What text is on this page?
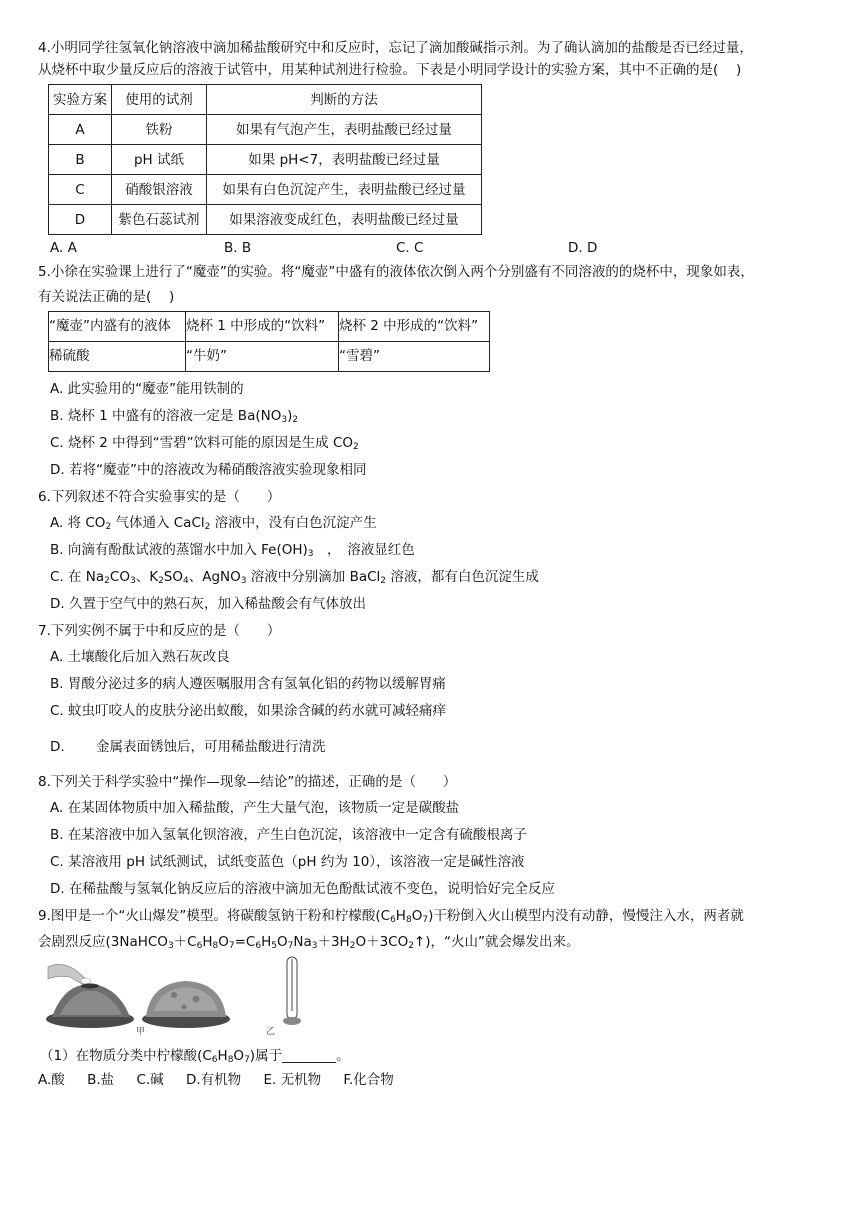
4.小明同学往氢氧化钠溶液中滴加稀盐酸研究中和反应时，忘记了滴加酸碱指示剂。为了确认滴加的盐酸是否已经过量，

从烧杯中取少量反应后的溶液于试管中，用某种试剂进行检验。下表是小明同学设计的实验方案，其中不正确的是(　 )

实验方案	使用的试剂	判断的方法
A	铁粉	如果有气泡产生，表明盐酸已经过量
B	pH 试纸	如果 pH<7，表明盐酸已经过量
C	硝酸银溶液	如果有白色沉淀产生，表明盐酸已经过量
D	紫色石蕊试剂	如果溶液变成红色，表明盐酸已经过量
A. A	B. B	C. C	D. D

5.小徐在实验课上进行了“魔壶”的实验。将“魔壶”中盛有的液体依次倒入两个分别盛有不同溶液的的烧杯中，现象如表，

有关说法正确的是(　 )

“魔壶”内盛有的液体	烧杯 1 中形成的“饮料”	烧杯 2 中形成的“饮料”
稀硫酸	“牛奶”	“雪碧”

A. 此实验用的“魔壶”能用铁制的

B. 烧杯 1 中盛有的溶液一定是 $Ba(NO_3)_2$

C. 烧杯 2 中得到“雪碧”饮料可能的原因是生成 $CO_2$

D. 若将“魔壶”中的溶液改为稀硝酸溶液实验现象相同

6.下列叙述不符合实验事实的是（　　）

A. 将 $CO_2$ 气体通入 CaCl$_2$ 溶液中，没有白色沉淀产生

B. 向滴有酚酞试液的蒸馏水中加入 $Fe(OH)_3$　，　溶液显红色

C. 在 $Na_2CO_3$、$K_2SO_4$、AgNO$_3$ 溶液中分别滴加 BaCl$_2$ 溶液，都有白色沉淀生成

D. 久置于空气中的熟石灰，加入稀盐酸会有气体放出

7.下列实例不属于中和反应的是（　　）

A. 土壤酸化后加入熟石灰改良

B. 胃酸分泌过多的病人遵医嘱服用含有氢氧化铝的药物以缓解胃痛

C. 蚊虫叮咬人的皮肤分泌出蚁酸，如果涂含碱的药水就可减轻痛痒

D.　　 金属表面锈蚀后，可用稀盐酸进行清洗

8.下列关于科学实验中“操作—现象—结论”的描述，正确的是（　　）

A. 在某固体物质中加入稀盐酸，产生大量气泡，该物质一定是碳酸盐

B. 在某溶液中加入氢氧化钡溶液，产生白色沉淀，该溶液中一定含有硫酸根离子

C. 某溶液用 pH 试纸测试，试纸变蓝色（pH 约为 10），该溶液一定是碱性溶液

D. 在稀盐酸与氢氧化钠反应后的溶液中滴加无色酚酞试液不变色，说明恰好完全反应

9.图甲是一个“火山爆发”模型。将碳酸氢钠干粉和柠檬酸$(C_6H_8O_7)$干粉倒入火山模型内没有动静，慢慢注入水，两者就

会剧烈反应$(3NaHCO_3+C_6H_8O_7=C_6H_5O_7Na_3+3H_2O+3CO_2↑)$，“火山”就会爆发出来。

甲	乙

（1）在物质分类中柠檬酸$(C_6H_8O_7)$属于________。

A.酸 B.盐 C.碱 D.有机物 E. 无机物 F.化合物
